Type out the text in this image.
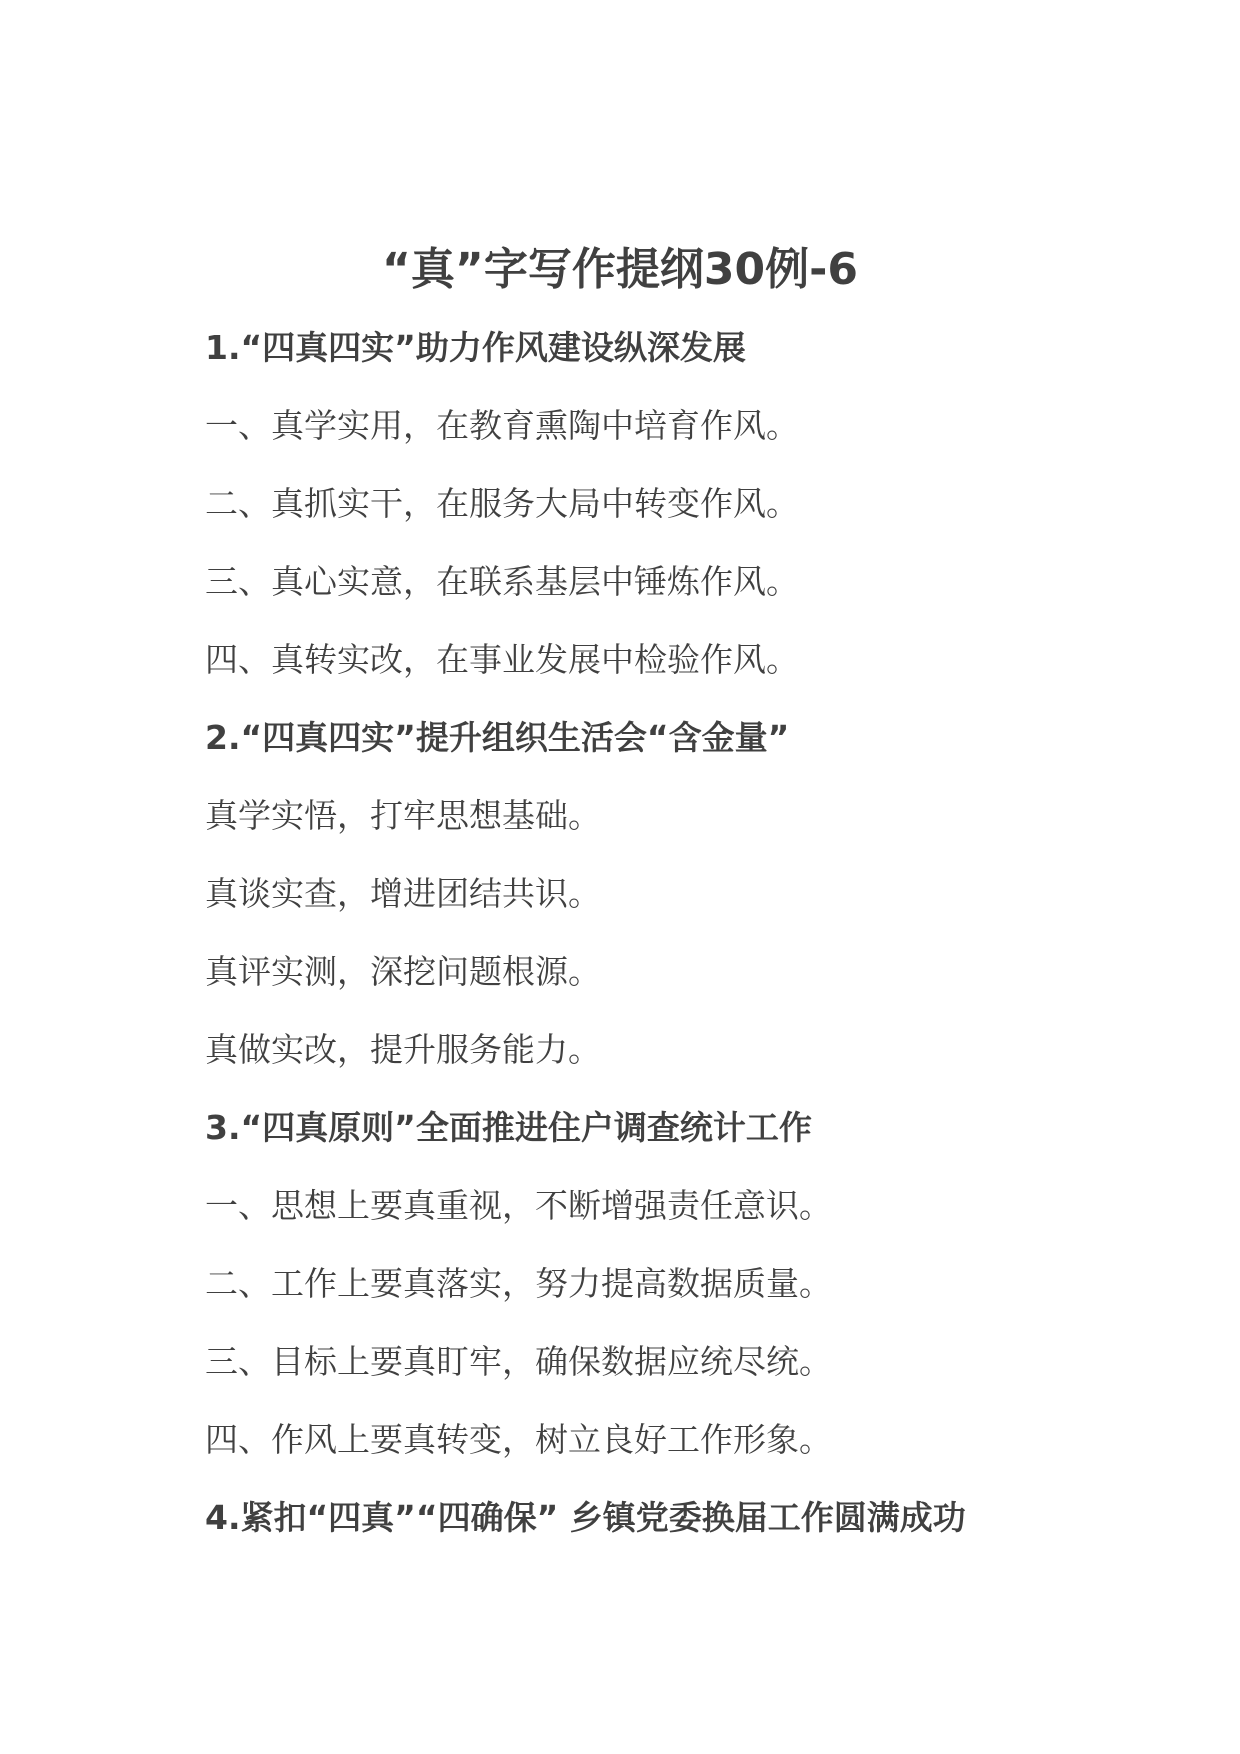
“真”字写作提纲30例-6
1.“四真四实”助力作风建设纵深发展
一、真学实用，在教育熏陶中培育作风。
二、真抓实干，在服务大局中转变作风。
三、真心实意，在联系基层中锤炼作风。
四、真转实改，在事业发展中检验作风。
2.“四真四实”提升组织生活会“含金量”
真学实悟，打牢思想基础。
真谈实查，增进团结共识。
真评实测，深挖问题根源。
真做实改，提升服务能力。
3.“四真原则”全面推进住户调查统计工作
一、思想上要真重视，不断增强责任意识。
二、工作上要真落实，努力提高数据质量。
三、目标上要真盯牢，确保数据应统尽统。
四、作风上要真转变，树立良好工作形象。
4.紧扣“四真”“四确保” 乡镇党委换届工作圆满成功
